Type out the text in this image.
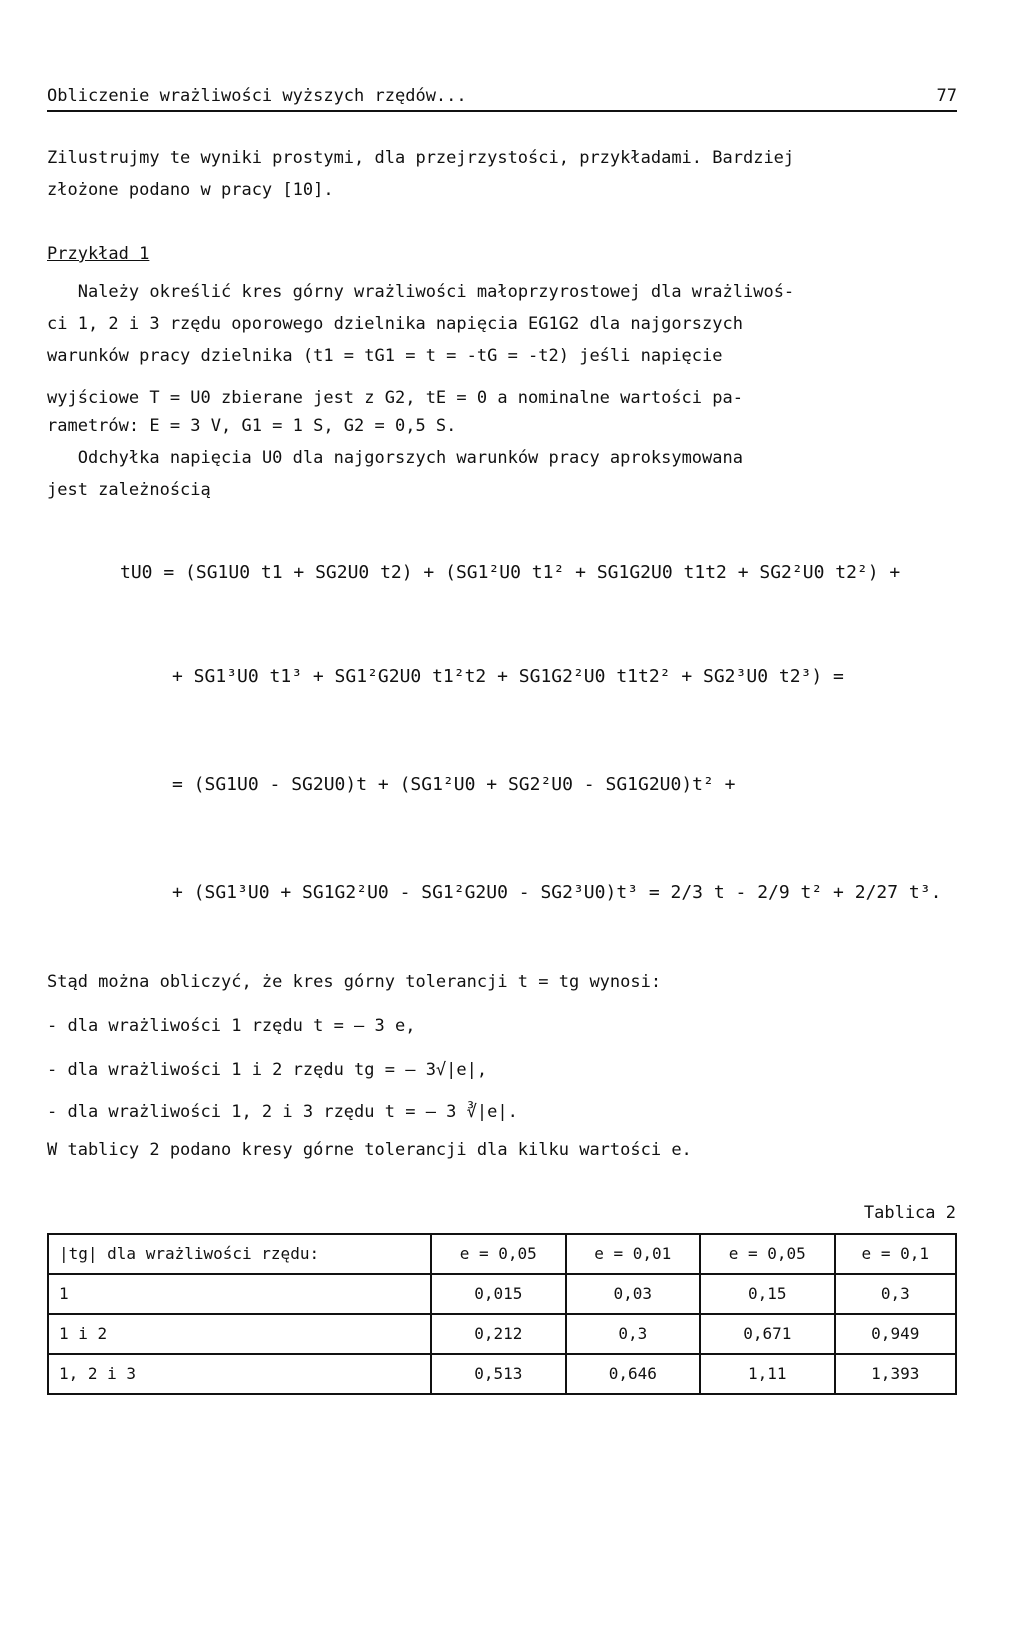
Obliczenie wrażliwości wyższych rzędów...	77
Zilustrujmy te wyniki prostymi, dla przejrzystości, przykładami. Bardziej
złożone podano w pracy [10].
Przykład 1
Należy określić kres górny wrażliwości małoprzyrostowej dla wrażliwoś-
ci 1, 2 i 3 rzędu oporowego dzielnika napięcia EG1G2 dla najgorszych
warunków pracy dzielnika (t1 = tG1 = t = -tG = -t2) jeśli napięcie
wyjściowe T = U0 zbierane jest z G2, tE = 0 a nominalne wartości pa-
rametrów: E = 3 V, G1 = 1 S, G2 = 0,5 S.
Odchyłka napięcia U0 dla najgorszych warunków pracy aproksymowana
jest zależnością
tU0 = (SG1U0 t1 + SG2U0 t2) + (SG1²U0 t1² + SG1G2U0 t1t2 + SG2²U0 t2²) +
+ SG1³U0 t1³ + SG1²G2U0 t1²t2 + SG1G2²U0 t1t2² + SG2³U0 t2³) =
= (SG1U0 - SG2U0)t + (SG1²U0 + SG2²U0 - SG1G2U0)t² +
+ (SG1³U0 + SG1G2²U0 - SG1²G2U0 - SG2³U0)t³ = 2/3 t - 2/9 t² + 2/27 t³.
Stąd można obliczyć, że kres górny tolerancji t = tg wynosi:
- dla wrażliwości 1 rzędu t = — 3 e,
- dla wrażliwości 1 i 2 rzędu tg = — 3√|e|,
- dla wrażliwości 1, 2 i 3 rzędu t = — 3 ∛|e|.
W tablicy 2 podano kresy górne tolerancji dla kilku wartości e.
Tablica 2
|tg| dla wrażliwości rzędu:	e = 0,05	e = 0,01	e = 0,05	e = 0,1
1	0,015	0,03	0,15	0,3
1 i 2	0,212	0,3	0,671	0,949
1, 2 i 3	0,513	0,646	1,11	1,393
